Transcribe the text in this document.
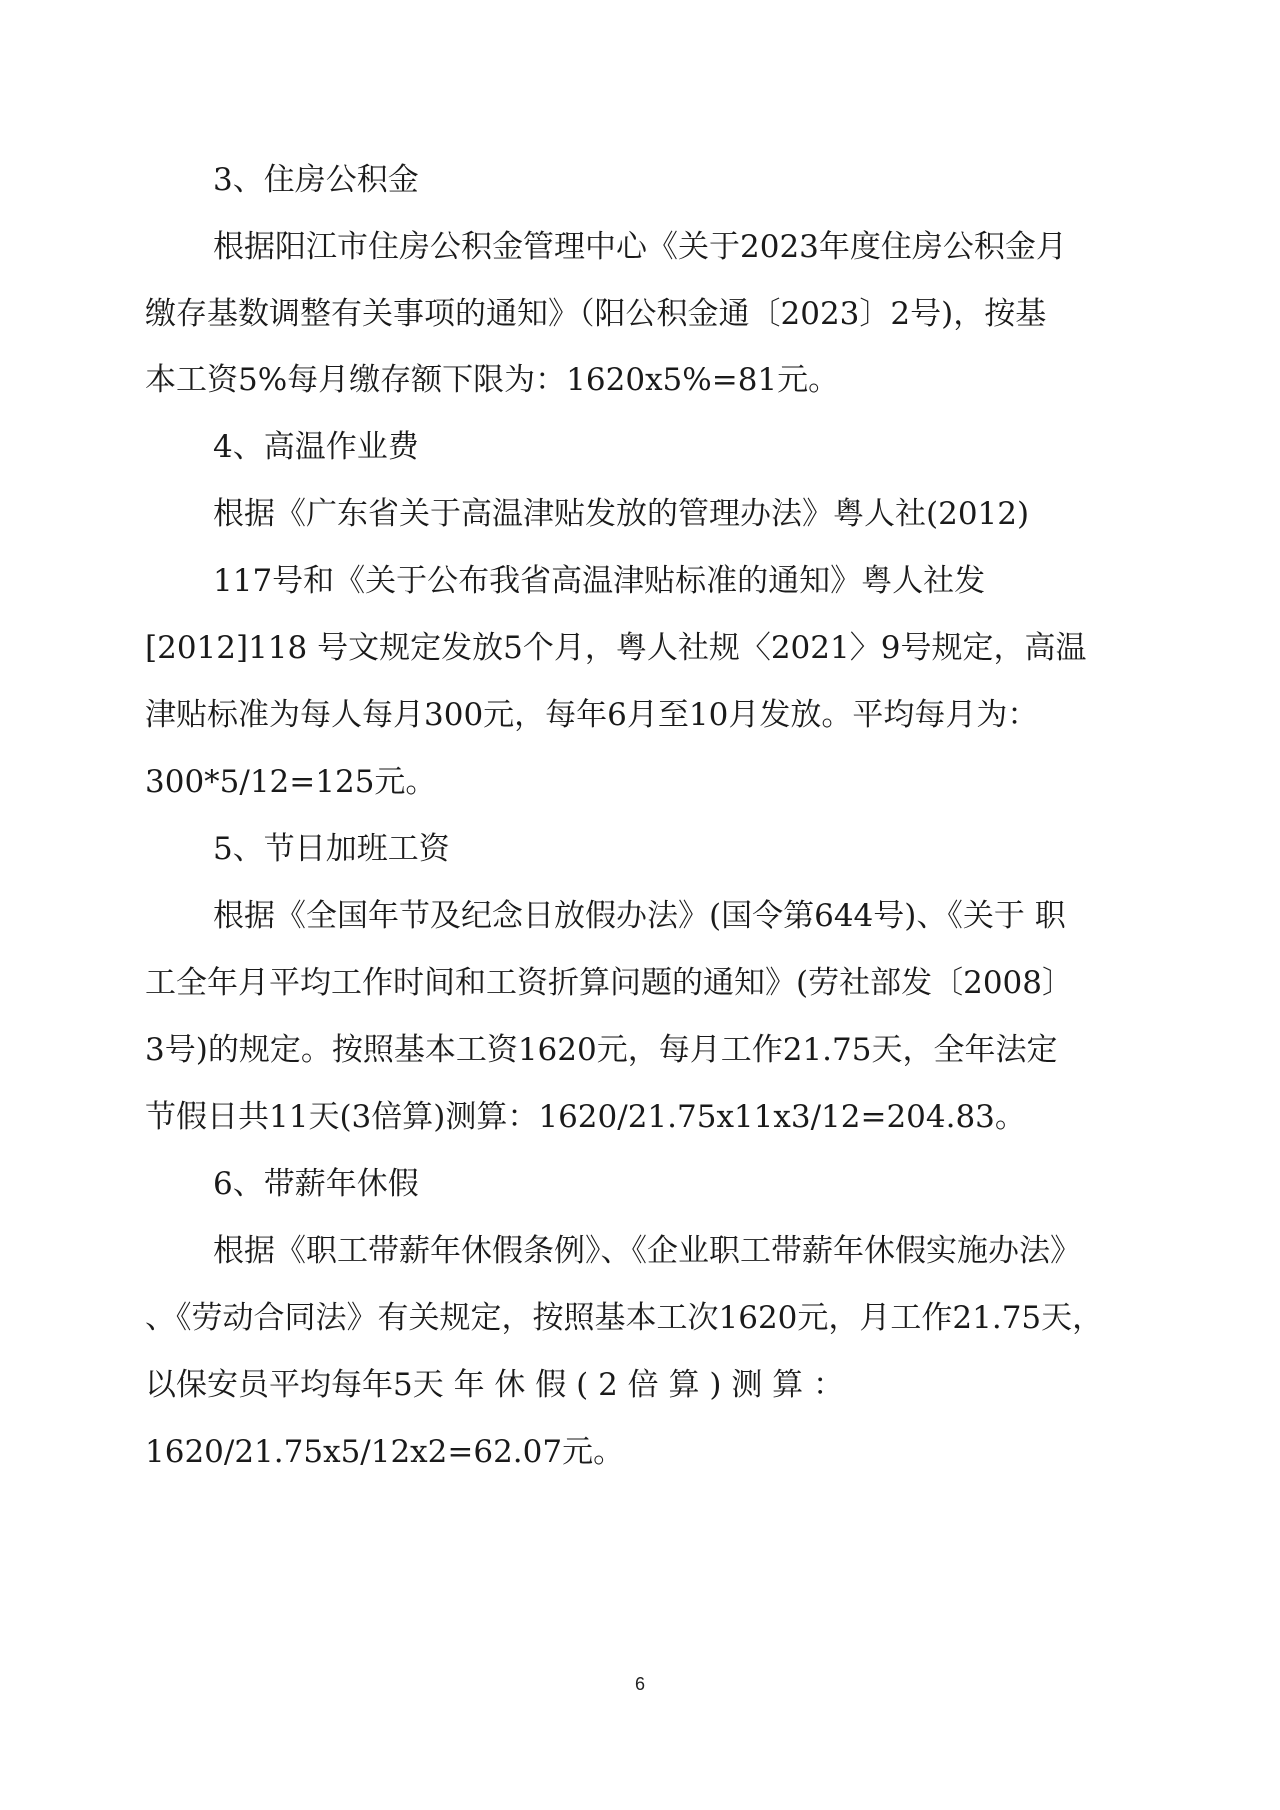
3、住房公积金
根据阳江市住房公积金管理中心《关于2023年度住房公积金月
缴存基数调整有关事项的通知》（阳公积金通〔2023〕2号)，按基
本工资5%每月缴存额下限为：1620x5%=81元。
4、高温作业费
根据《广东省关于高温津贴发放的管理办法》粤人社(2012)
117号和《关于公布我省高温津贴标准的通知》粤人社发
[2012]118 号文规定发放5个月，粤人社规〈2021〉9号规定，高温
津贴标准为每人每月300元，每年6月至10月发放。平均每月为：
300*5/12=125元。
5、节日加班工资
根据《全国年节及纪念日放假办法》(国令第644号)、《关于 职
工全年月平均工作时间和工资折算问题的通知》(劳社部发〔2008〕
3号)的规定。按照基本工资1620元，每月工作21.75天，全年法定
节假日共11天(3倍算)测算：1620/21.75x11x3/12=204.83。
6、带薪年休假
根据《职工带薪年休假条例》、《企业职工带薪年休假实施办法》
、《劳动合同法》有关规定，按照基本工次1620元，月工作21.75天，
以保安员平均每年5天 年 休 假 ( 2 倍 算 ) 测 算 ：
1620/21.75x5/12x2=62.07元。
6
